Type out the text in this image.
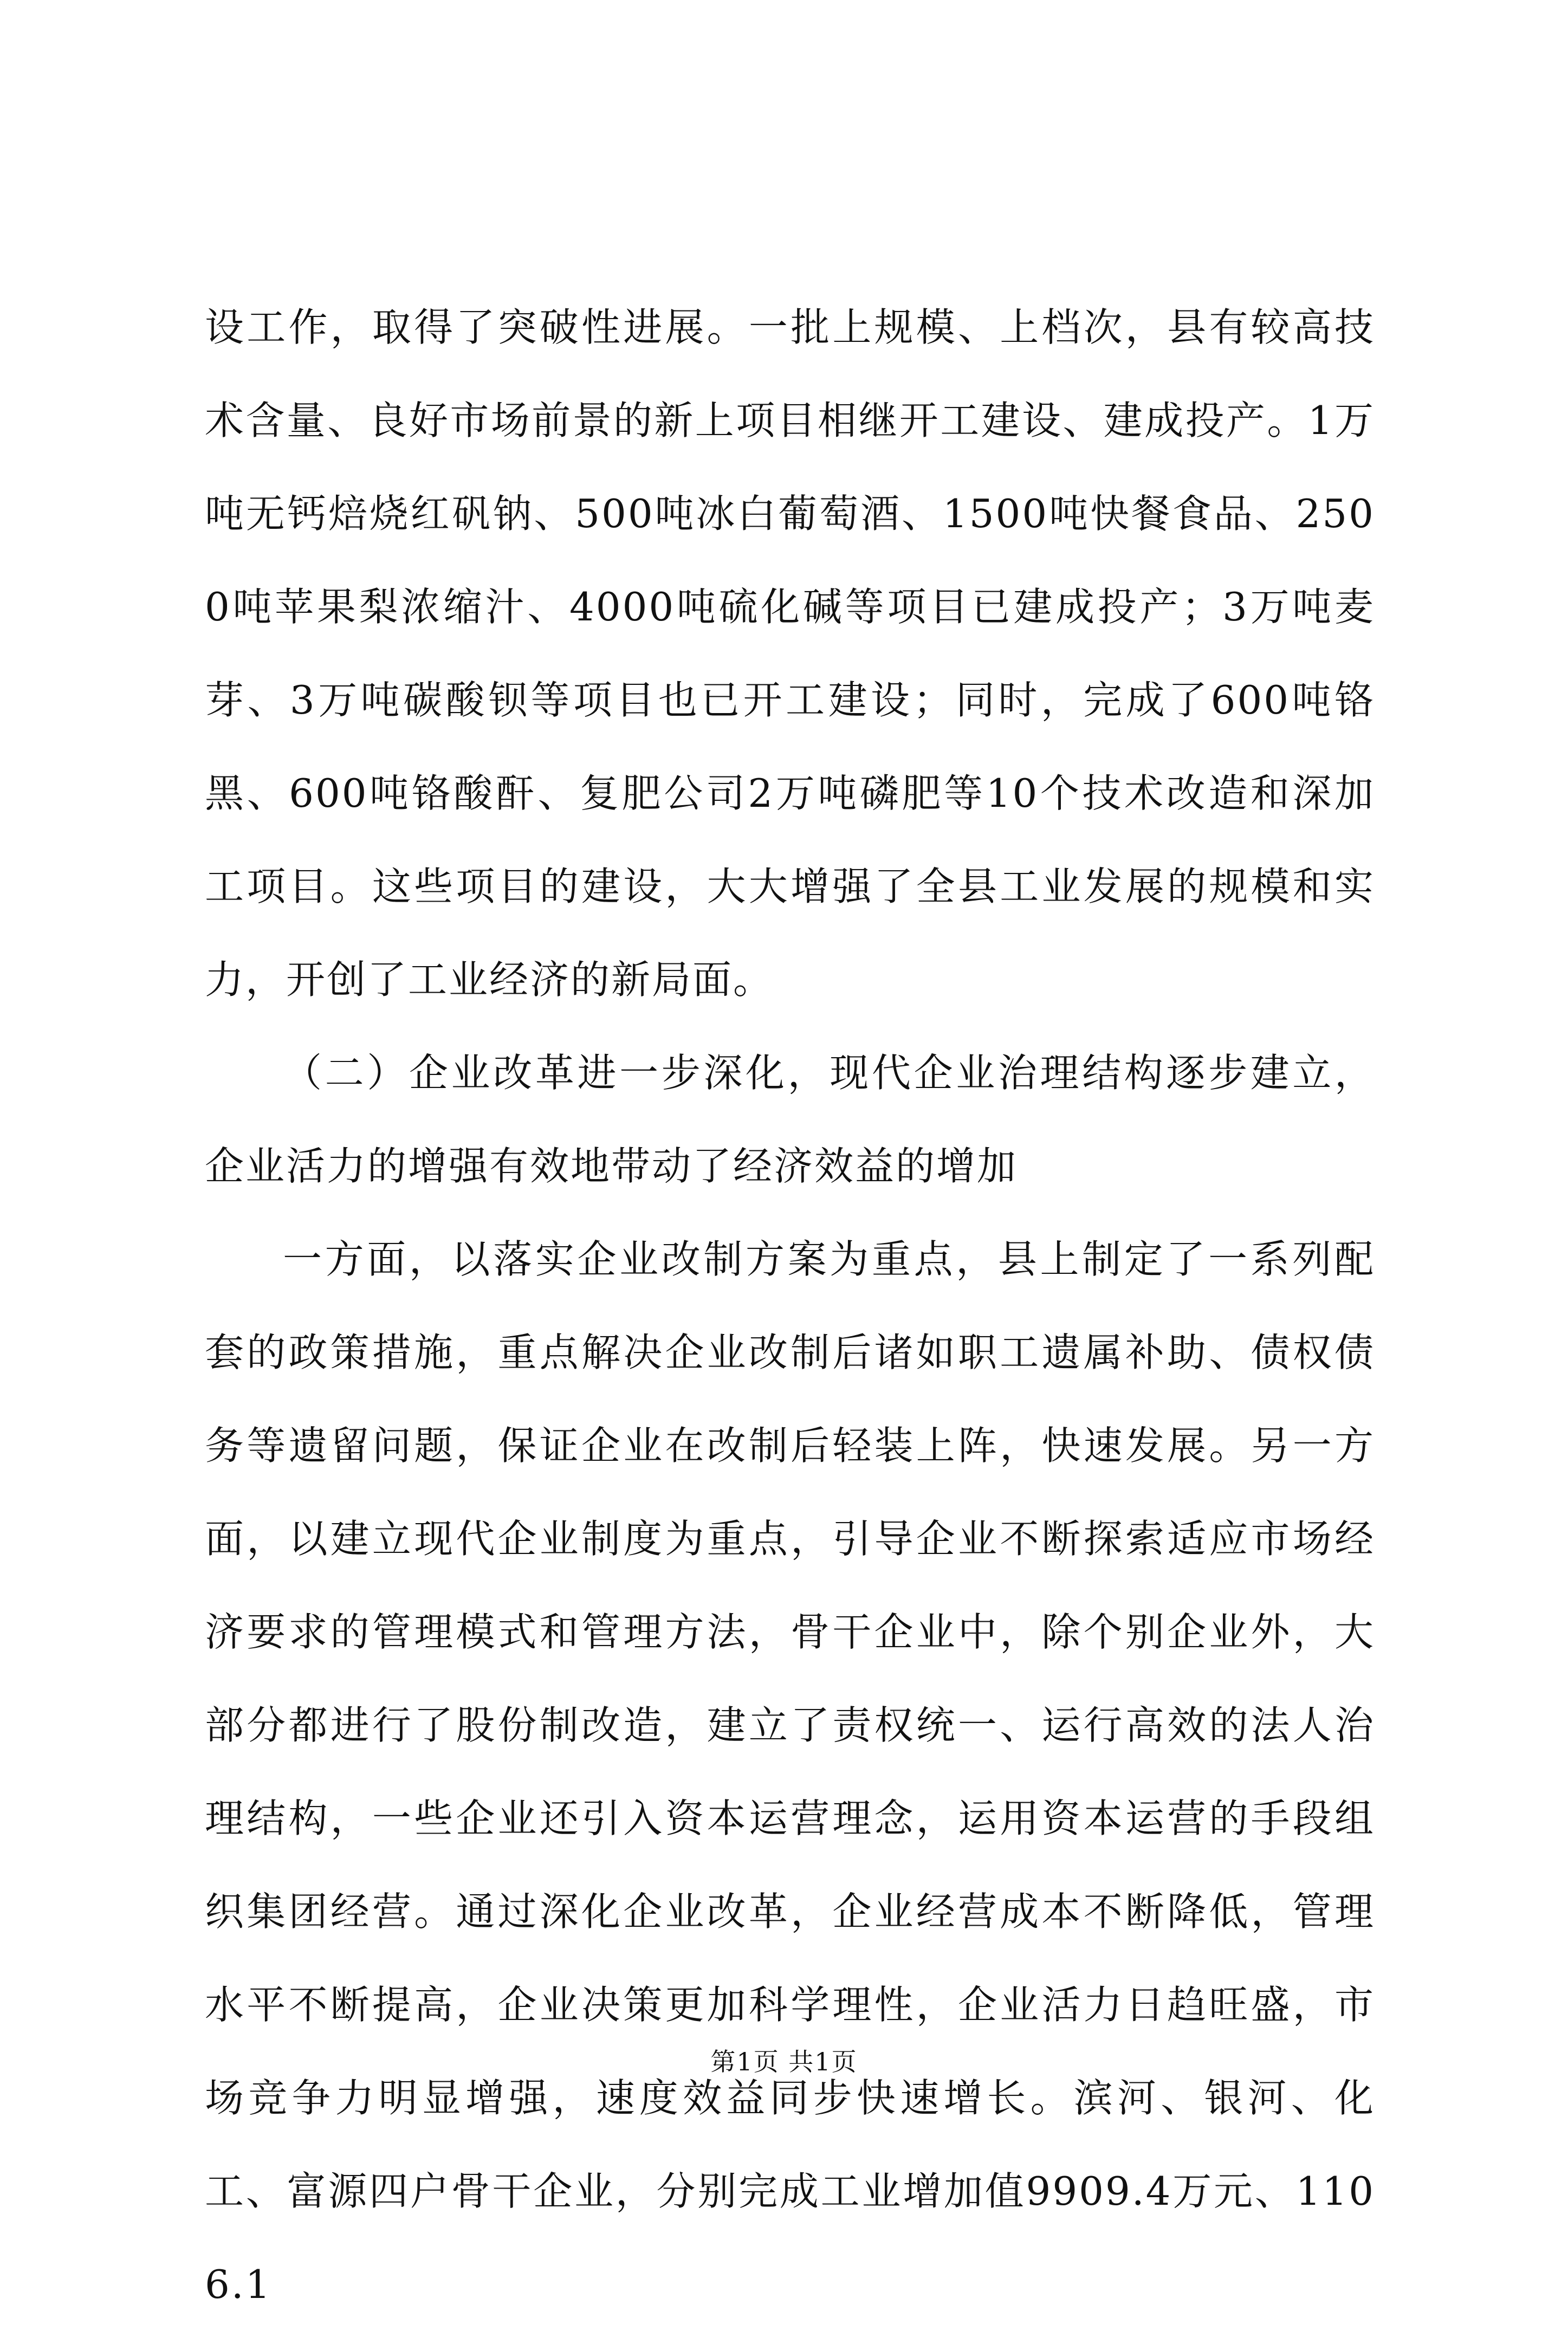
设工作，取得了突破性进展。一批上规模、上档次，县有较高技术含量、良好市场前景的新上项目相继开工建设、建成投产。1万吨无钙焙烧红矾钠、500吨冰白葡萄酒、1500吨快餐食品、2500吨苹果梨浓缩汁、4000吨硫化碱等项目已建成投产；3万吨麦芽、3万吨碳酸钡等项目也已开工建设；同时，完成了600吨铬黑、600吨铬酸酐、复肥公司2万吨磷肥等10个技术改造和深加工项目。这些项目的建设，大大增强了全县工业发展的规模和实力，开创了工业经济的新局面。

（二）企业改革进一步深化，现代企业治理结构逐步建立，企业活力的增强有效地带动了经济效益的增加

一方面，以落实企业改制方案为重点，县上制定了一系列配套的政策措施，重点解决企业改制后诸如职工遗属补助、债权债务等遗留问题，保证企业在改制后轻装上阵，快速发展。另一方面，以建立现代企业制度为重点，引导企业不断探索适应市场经济要求的管理模式和管理方法，骨干企业中，除个别企业外，大部分都进行了股份制改造，建立了责权统一、运行高效的法人治理结构，一些企业还引入资本运营理念，运用资本运营的手段组织集团经营。通过深化企业改革，企业经营成本不断降低，管理水平不断提高，企业决策更加科学理性，企业活力日趋旺盛，市场竞争力明显增强，速度效益同步快速增长。滨河、银河、化工、富源四户骨干企业，分别完成工业增加值9909.4万元、1106.1

第1页 共1页
